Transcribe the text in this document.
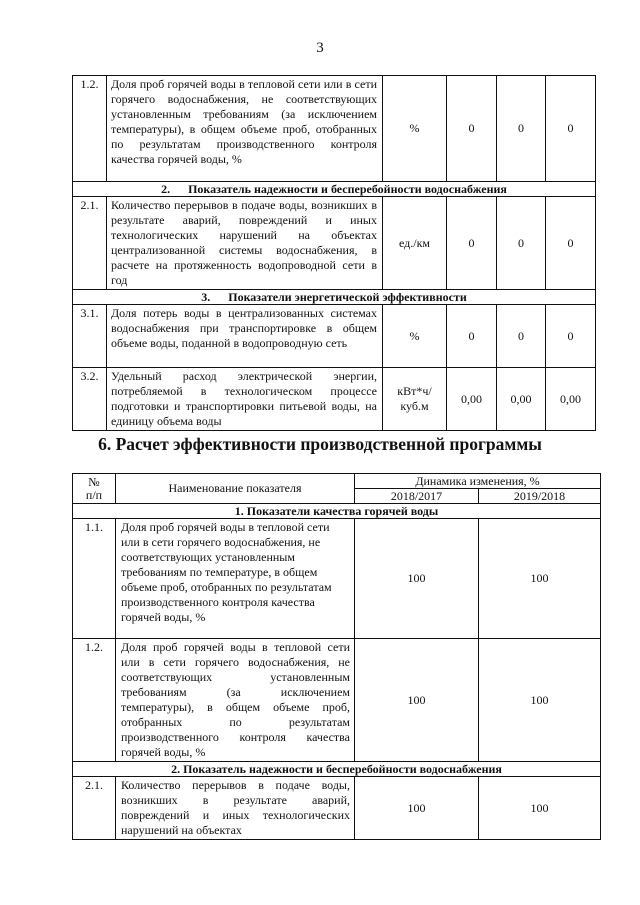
3
1.2.	Доля проб горячей воды в тепловой сети или в сети горячего водоснабжения, не соответствующих установленным требованиям (за исключением температуры), в общем объеме проб, отобранных по результатам производственного контроля качества горячей воды, %	%	0	0	0
2.      Показатель надежности и бесперебойности водоснабжения					
2.1.	Количество перерывов в подаче воды, возникших в результате аварий, повреждений и иных технологических нарушений на объектах централизованной системы водоснабжения, в расчете на протяженность водопроводной сети в год	ед./км	0	0	0
3.      Показатели энергетической эффективности					
3.1.	Доля потерь воды в централизованных системах водоснабжения при транспортировке в общем объеме воды, поданной в водопроводную сеть	%	0	0	0
3.2.	Удельный расход электрической энергии, потребляемой в технологическом процессе подготовки и транспортировки питьевой воды, на единицу объема воды	кВт*ч/ куб.м	0,00	0,00	0,00
6. Расчет эффективности производственной программы
№ п/п	Наименование показателя	Динамика изменения, %	
		2018/2017	2019/2018
1. Показатели качества горячей воды			
1.1.	Доля проб горячей воды в тепловой сети или в сети горячего водоснабжения, не соответствующих установленным требованиям по температуре, в общем объеме проб, отобранных по результатам производственного контроля качества горячей воды, %	100	100
1.2.	Доля проб горячей воды в тепловой сети или в сети горячего водоснабжения, не соответствующих установленным требованиям (за исключением температуры), в общем объеме проб, отобранных по результатам производственного контроля качества горячей воды, %	100	100
2. Показатель надежности и бесперебойности водоснабжения			
2.1.	Количество перерывов в подаче воды, возникших в результате аварий, повреждений и иных технологических нарушений на объектах	100	100
